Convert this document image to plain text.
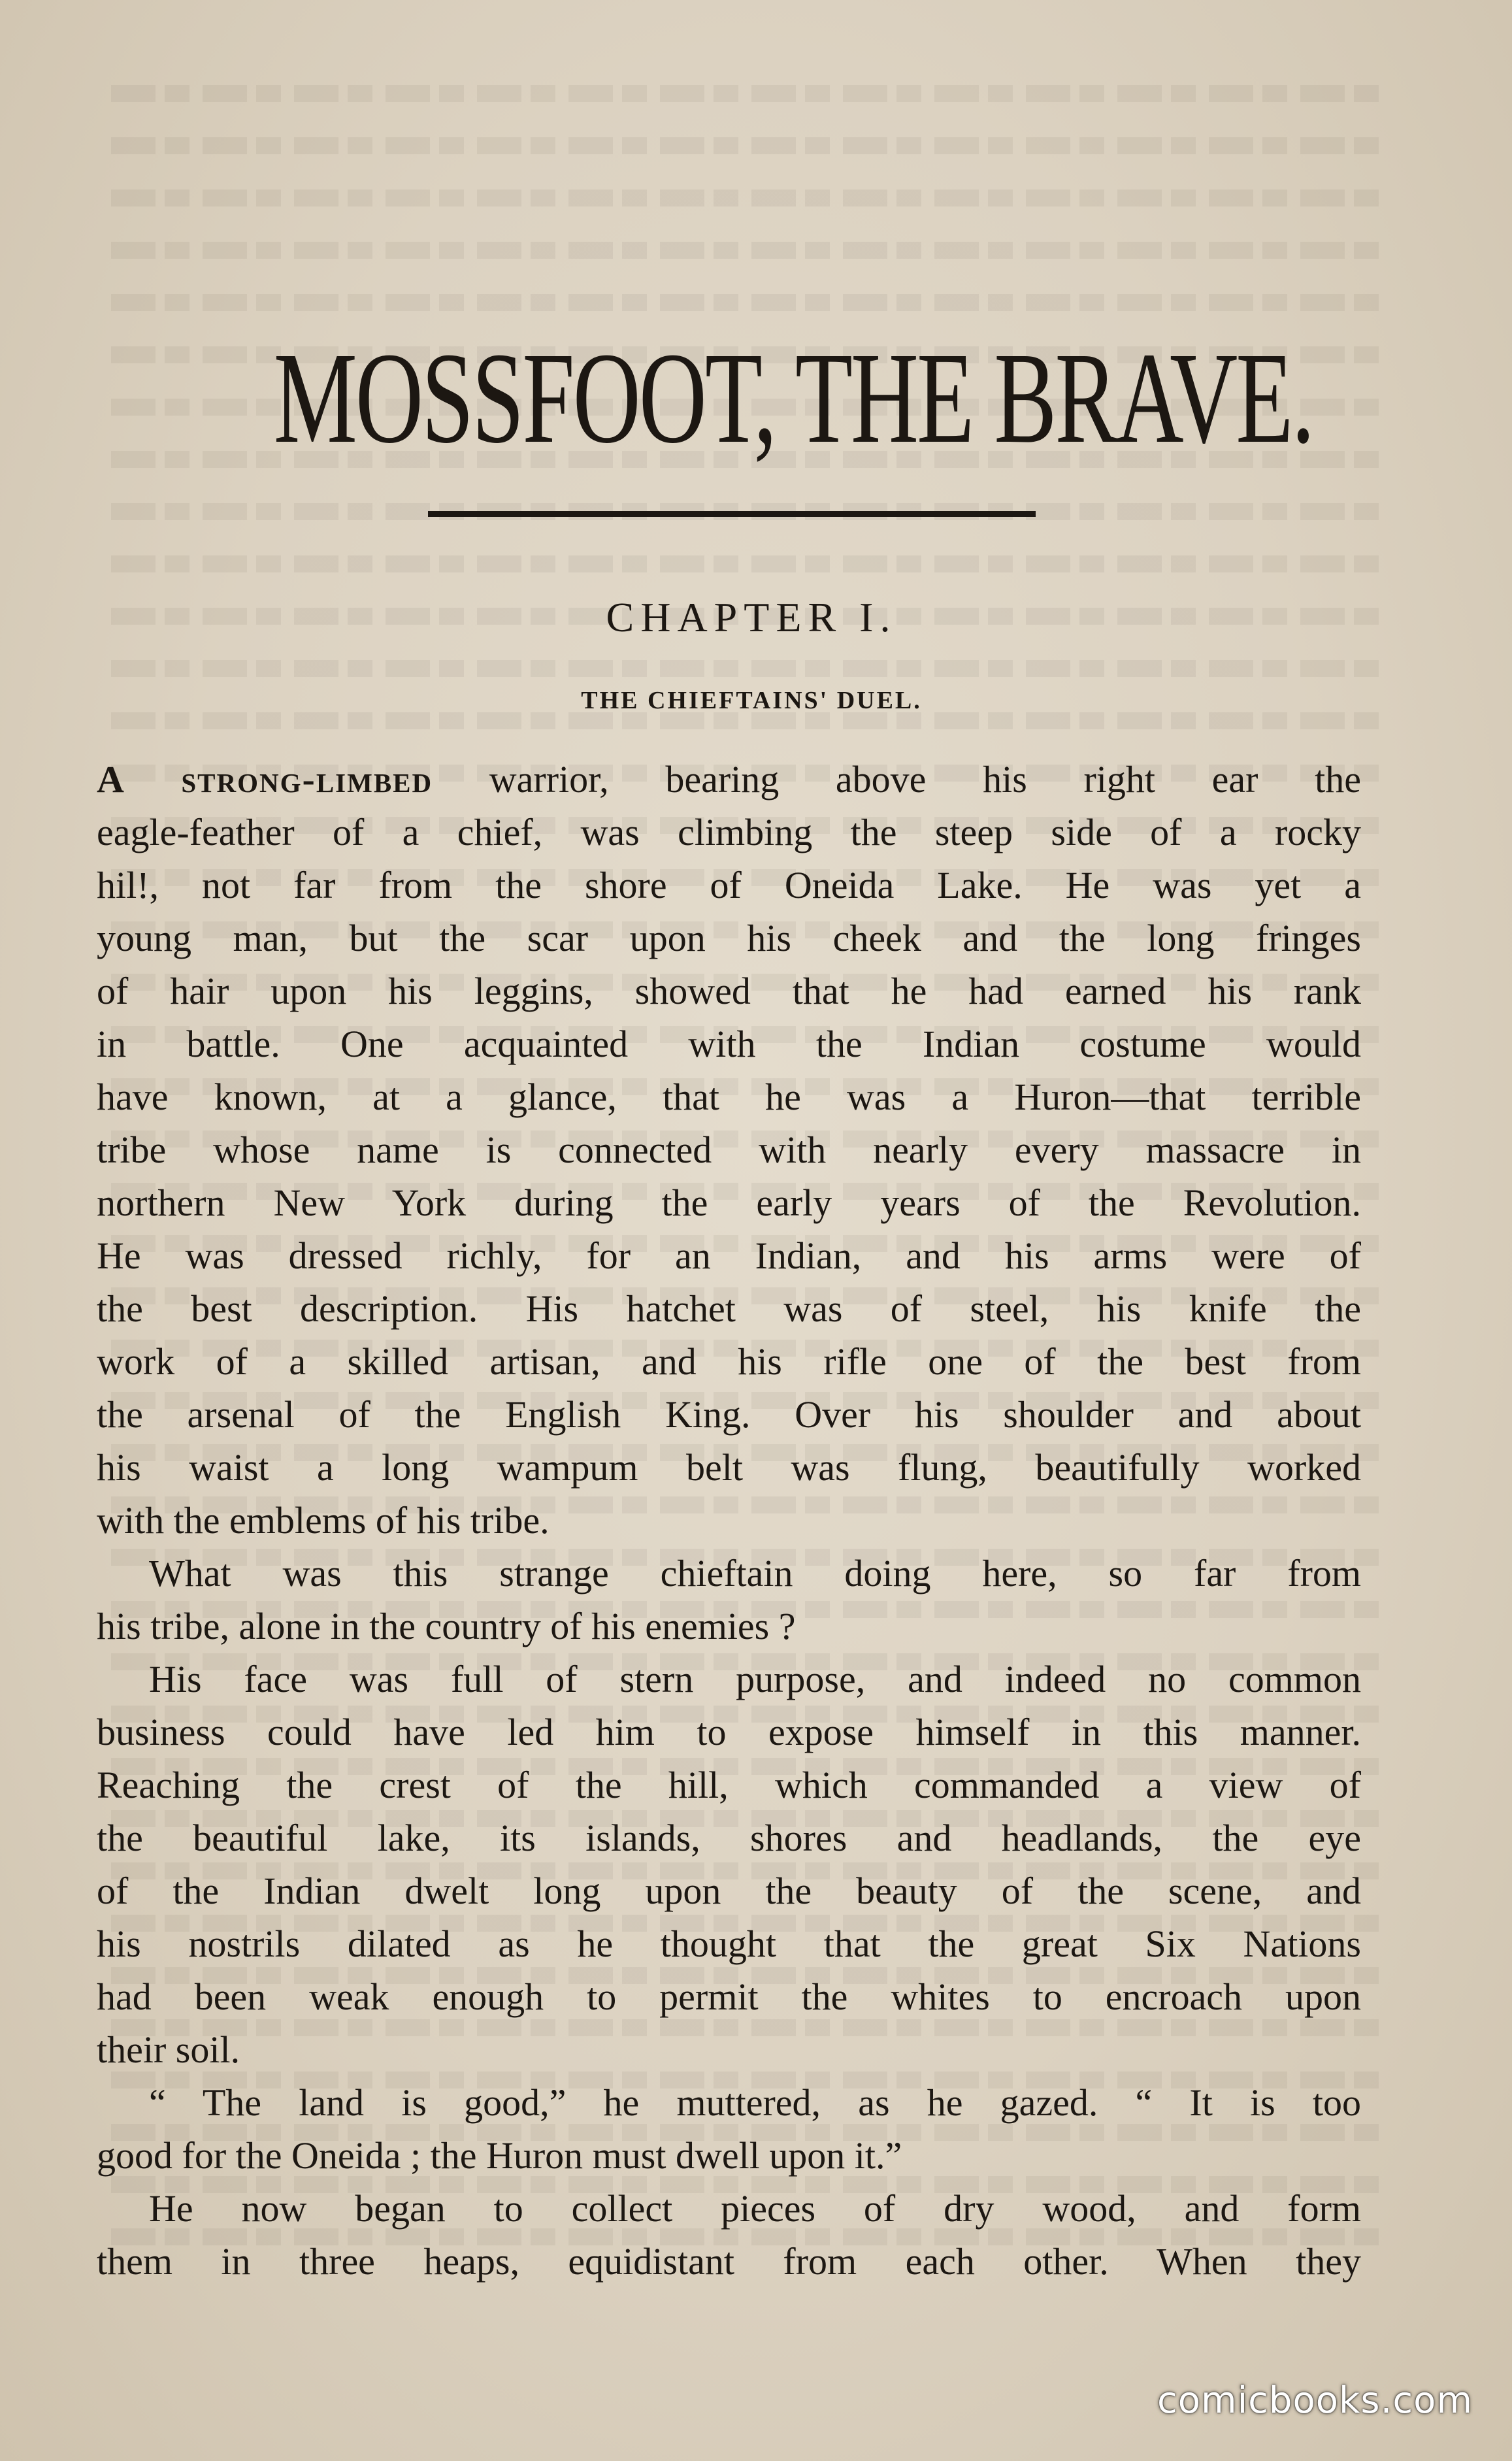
MOSSFOOT, THE BRAVE.
CHAPTER I.
THE CHIEFTAINS' DUEL.
A strong-limbed warrior, bearing above his right ear the
eagle-feather of a chief, was climbing the steep side of a rocky
hil!, not far from the shore of Oneida Lake. He was yet a
young man, but the scar upon his cheek and the long fringes
of hair upon his leggins, showed that he had earned his rank
in battle. One acquainted with the Indian costume would
have known, at a glance, that he was a Huron—that terrible
tribe whose name is connected with nearly every massacre in
northern New York during the early years of the Revolution.
He was dressed richly, for an Indian, and his arms were of
the best description. His hatchet was of steel, his knife the
work of a skilled artisan, and his rifle one of the best from
the arsenal of the English King. Over his shoulder and about
his waist a long wampum belt was flung, beautifully worked
with the emblems of his tribe.
What was this strange chieftain doing here, so far from
his tribe, alone in the country of his enemies ?
His face was full of stern purpose, and indeed no common
business could have led him to expose himself in this manner.
Reaching the crest of the hill, which commanded a view of
the beautiful lake, its islands, shores and headlands, the eye
of the Indian dwelt long upon the beauty of the scene, and
his nostrils dilated as he thought that the great Six Nations
had been weak enough to permit the whites to encroach upon
their soil.
“ The land is good,” he muttered, as he gazed. “ It is too
good for the Oneida ; the Huron must dwell upon it.”
He now began to collect pieces of dry wood, and form
them in three heaps, equidistant from each other. When they
comicbooks.com
